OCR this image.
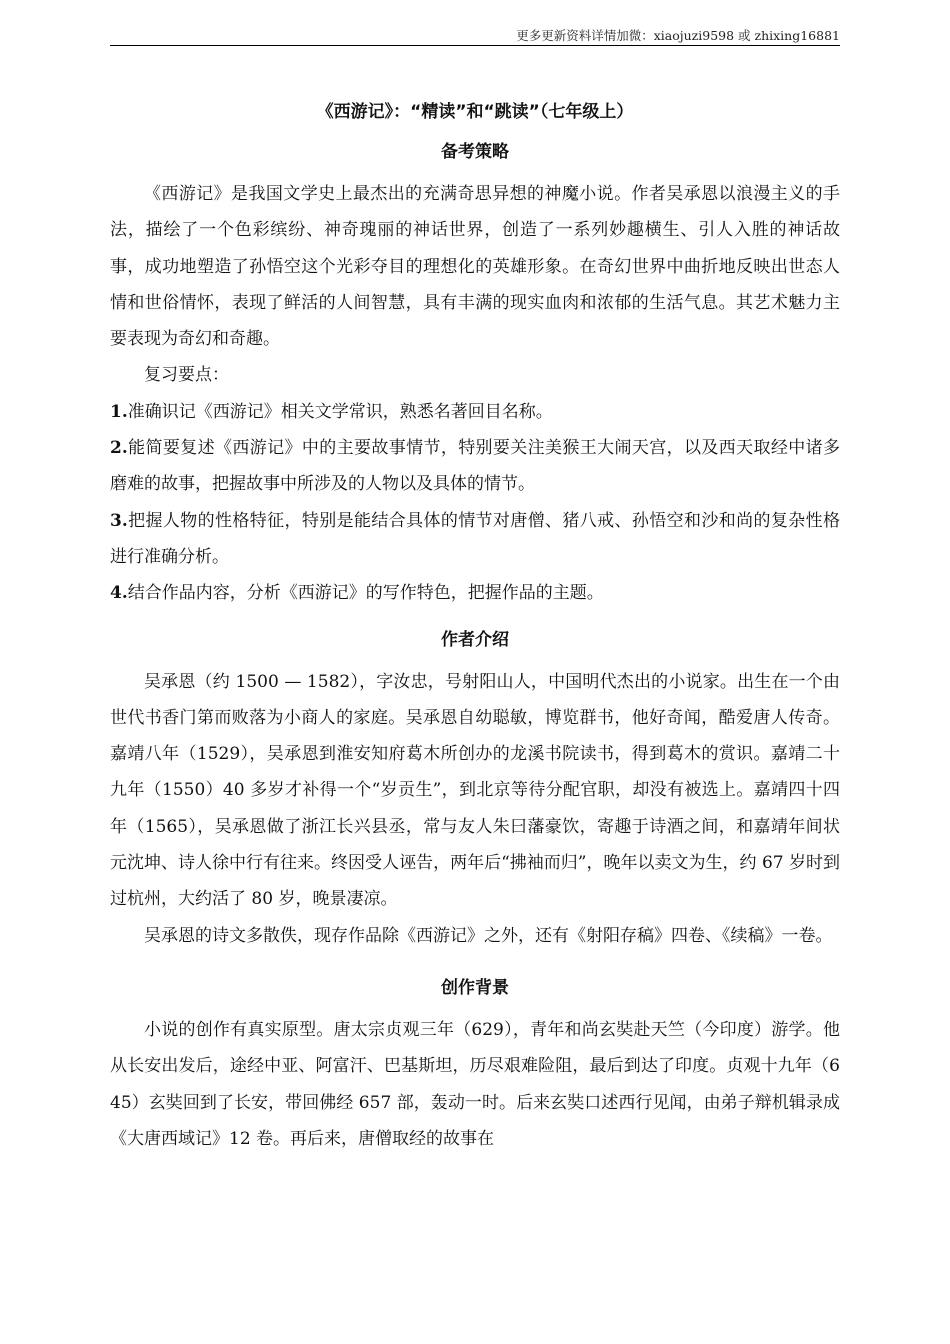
更多更新资料详情加微：xiaojuzi9598 或 zhixing16881
《西游记》：“精读”和“跳读”（七年级上）
备考策略

《西游记》是我国文学史上最杰出的充满奇思异想的神魔小说。作者吴承恩以浪漫主义的手法，描绘了一个色彩缤纷、神奇瑰丽的神话世界，创造了一系列妙趣横生、引人入胜的神话故事，成功地塑造了孙悟空这个光彩夺目的理想化的英雄形象。在奇幻世界中曲折地反映出世态人情和世俗情怀，表现了鲜活的人间智慧，具有丰满的现实血肉和浓郁的生活气息。其艺术魅力主要表现为奇幻和奇趣。

复习要点：

1.准确识记《西游记》相关文学常识，熟悉名著回目名称。

2.能简要复述《西游记》中的主要故事情节，特别要关注美猴王大闹天宫，以及西天取经中诸多磨难的故事，把握故事中所涉及的人物以及具体的情节。

3.把握人物的性格特征，特别是能结合具体的情节对唐僧、猪八戒、孙悟空和沙和尚的复杂性格进行准确分析。

4.结合作品内容，分析《西游记》的写作特色，把握作品的主题。

作者介绍

吴承恩（约 1500 — 1582），字汝忠，号射阳山人，中国明代杰出的小说家。出生在一个由世代书香门第而败落为小商人的家庭。吴承恩自幼聪敏，博览群书，他好奇闻，酷爱唐人传奇。嘉靖八年（1529），吴承恩到淮安知府葛木所创办的龙溪书院读书，得到葛木的赏识。嘉靖二十九年（1550）40 多岁才补得一个“岁贡生”，到北京等待分配官职，却没有被选上。嘉靖四十四年（1565），吴承恩做了浙江长兴县丞，常与友人朱曰藩豪饮，寄趣于诗酒之间，和嘉靖年间状元沈坤、诗人徐中行有往来。终因受人诬告，两年后“拂袖而归”，晚年以卖文为生，约 67 岁时到过杭州，大约活了 80 岁，晚景凄凉。

吴承恩的诗文多散佚，现存作品除《西游记》之外，还有《射阳存稿》四卷、《续稿》一卷。

创作背景

小说的创作有真实原型。唐太宗贞观三年（629），青年和尚玄奘赴天竺（今印度）游学。他从长安出发后，途经中亚、阿富汗、巴基斯坦，历尽艰难险阻，最后到达了印度。贞观十九年（645）玄奘回到了长安，带回佛经 657 部，轰动一时。后来玄奘口述西行见闻，由弟子辩机辑录成《大唐西域记》12 卷。再后来，唐僧取经的故事在
